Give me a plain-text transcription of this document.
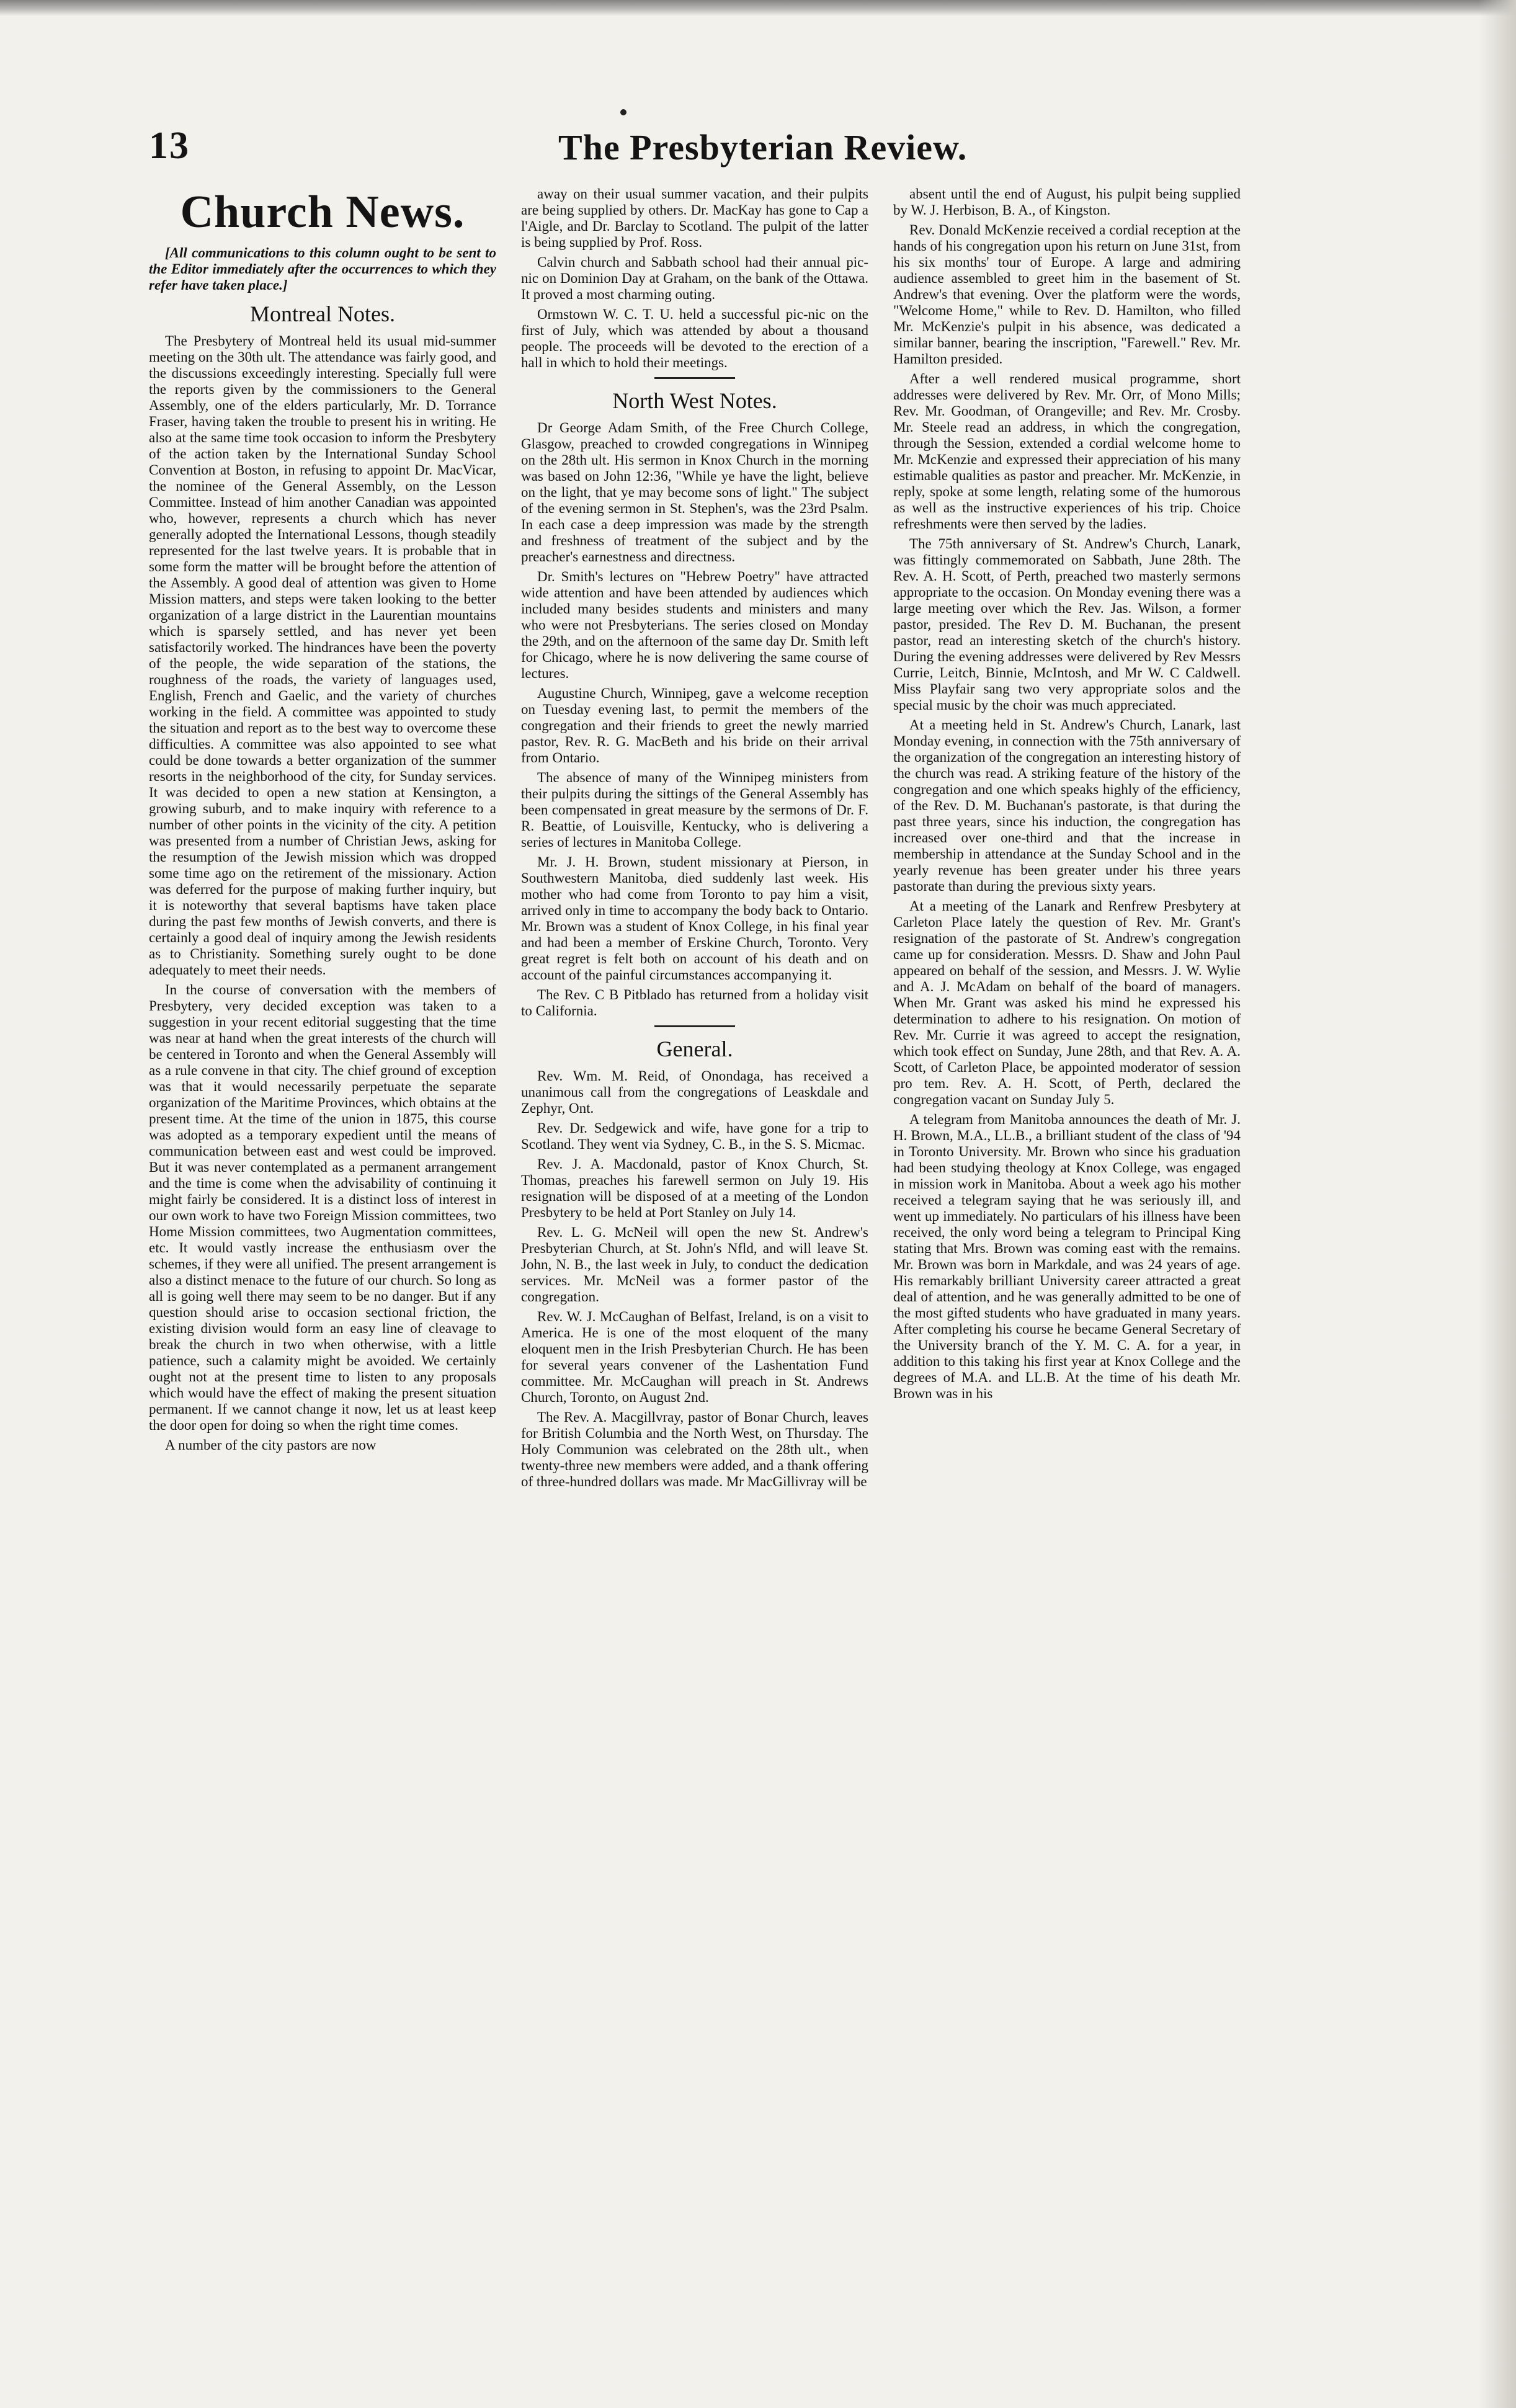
13	The Presbyterian Review.
Church News.
[All communications to this column ought to be sent to the Editor immediately after the occurrences to which they refer have taken place.]
Montreal Notes.

The Presbytery of Montreal held its usual mid-summer meeting on the 30th ult. The attendance was fairly good, and the discussions exceedingly interesting. Specially full were the reports given by the commissioners to the General Assembly, one of the elders particularly, Mr. D. Torrance Fraser, having taken the trouble to present his in writing. He also at the same time took occasion to inform the Presbytery of the action taken by the International Sunday School Convention at Boston, in refusing to appoint Dr. MacVicar, the nominee of the General Assembly, on the Lesson Committee. Instead of him another Canadian was appointed who, however, represents a church which has never generally adopted the International Lessons, though steadily represented for the last twelve years. It is probable that in some form the matter will be brought before the attention of the Assembly. A good deal of attention was given to Home Mission matters, and steps were taken looking to the better organization of a large district in the Laurentian mountains which is sparsely settled, and has never yet been satisfactorily worked. The hindrances have been the poverty of the people, the wide separation of the stations, the roughness of the roads, the variety of languages used, English, French and Gaelic, and the variety of churches working in the field. A committee was appointed to study the situation and report as to the best way to overcome these difficulties. A committee was also appointed to see what could be done towards a better organization of the summer resorts in the neighborhood of the city, for Sunday services. It was decided to open a new station at Kensington, a growing suburb, and to make inquiry with reference to a number of other points in the vicinity of the city. A petition was presented from a number of Christian Jews, asking for the resumption of the Jewish mission which was dropped some time ago on the retirement of the missionary. Action was deferred for the purpose of making further inquiry, but it is noteworthy that several baptisms have taken place during the past few months of Jewish converts, and there is certainly a good deal of inquiry among the Jewish residents as to Christianity. Something surely ought to be done adequately to meet their needs.

In the course of conversation with the members of Presbytery, very decided exception was taken to a suggestion in your recent editorial suggesting that the time was near at hand when the great interests of the church will be centered in Toronto and when the General Assembly will as a rule convene in that city. The chief ground of exception was that it would necessarily perpetuate the separate organization of the Maritime Provinces, which obtains at the present time. At the time of the union in 1875, this course was adopted as a temporary expedient until the means of communication between east and west could be improved. But it was never contemplated as a permanent arrangement and the time is come when the advisability of continuing it might fairly be considered. It is a distinct loss of interest in our own work to have two Foreign Mission committees, two Home Mission committees, two Augmentation committees, etc. It would vastly increase the enthusiasm over the schemes, if they were all unified. The present arrangement is also a distinct menace to the future of our church. So long as all is going well there may seem to be no danger. But if any question should arise to occasion sectional friction, the existing division would form an easy line of cleavage to break the church in two when otherwise, with a little patience, such a calamity might be avoided. We certainly ought not at the present time to listen to any proposals which would have the effect of making the present situation permanent. If we cannot change it now, let us at least keep the door open for doing so when the right time comes.

A number of the city pastors are now

away on their usual summer vacation, and their pulpits are being supplied by others. Dr. MacKay has gone to Cap a l'Aigle, and Dr. Barclay to Scotland. The pulpit of the latter is being supplied by Prof. Ross.

Calvin church and Sabbath school had their annual pic-nic on Dominion Day at Graham, on the bank of the Ottawa. It proved a most charming outing.

Ormstown W. C. T. U. held a successful pic-nic on the first of July, which was attended by about a thousand people. The proceeds will be devoted to the erection of a hall in which to hold their meetings.

North West Notes.

Dr George Adam Smith, of the Free Church College, Glasgow, preached to crowded congregations in Winnipeg on the 28th ult. His sermon in Knox Church in the morning was based on John 12:36, "While ye have the light, believe on the light, that ye may become sons of light." The subject of the evening sermon in St. Stephen's, was the 23rd Psalm. In each case a deep impression was made by the strength and freshness of treatment of the subject and by the preacher's earnestness and directness.

Dr. Smith's lectures on "Hebrew Poetry" have attracted wide attention and have been attended by audiences which included many besides students and ministers and many who were not Presbyterians. The series closed on Monday the 29th, and on the afternoon of the same day Dr. Smith left for Chicago, where he is now delivering the same course of lectures.

Augustine Church, Winnipeg, gave a welcome reception on Tuesday evening last, to permit the members of the congregation and their friends to greet the newly married pastor, Rev. R. G. MacBeth and his bride on their arrival from Ontario.

The absence of many of the Winnipeg ministers from their pulpits during the sittings of the General Assembly has been compensated in great measure by the sermons of Dr. F. R. Beattie, of Louisville, Kentucky, who is delivering a series of lectures in Manitoba College.

Mr. J. H. Brown, student missionary at Pierson, in Southwestern Manitoba, died suddenly last week. His mother who had come from Toronto to pay him a visit, arrived only in time to accompany the body back to Ontario. Mr. Brown was a student of Knox College, in his final year and had been a member of Erskine Church, Toronto. Very great regret is felt both on account of his death and on account of the painful circumstances accompanying it.

The Rev. C B Pitblado has returned from a holiday visit to California.

General.

Rev. Wm. M. Reid, of Onondaga, has received a unanimous call from the congregations of Leaskdale and Zephyr, Ont.

Rev. Dr. Sedgewick and wife, have gone for a trip to Scotland. They went via Sydney, C. B., in the S. S. Micmac.

Rev. J. A. Macdonald, pastor of Knox Church, St. Thomas, preaches his farewell sermon on July 19. His resignation will be disposed of at a meeting of the London Presbytery to be held at Port Stanley on July 14.

Rev. L. G. McNeil will open the new St. Andrew's Presbyterian Church, at St. John's Nfld, and will leave St. John, N. B., the last week in July, to conduct the dedication services. Mr. McNeil was a former pastor of the congregation.

Rev. W. J. McCaughan of Belfast, Ireland, is on a visit to America. He is one of the most eloquent of the many eloquent men in the Irish Presbyterian Church. He has been for several years convener of the Lashentation Fund committee. Mr. McCaughan will preach in St. Andrews Church, Toronto, on August 2nd.

The Rev. A. Macgillvray, pastor of Bonar Church, leaves for British Columbia and the North West, on Thursday. The Holy Communion was celebrated on the 28th ult., when twenty-three new members were added, and a thank offering of three-hundred dollars was made. Mr MacGillivray will be

absent until the end of August, his pulpit being supplied by W. J. Herbison, B. A., of Kingston.

Rev. Donald McKenzie received a cordial reception at the hands of his congregation upon his return on June 31st, from his six months' tour of Europe. A large and admiring audience assembled to greet him in the basement of St. Andrew's that evening. Over the platform were the words, "Welcome Home," while to Rev. D. Hamilton, who filled Mr. McKenzie's pulpit in his absence, was dedicated a similar banner, bearing the inscription, "Farewell." Rev. Mr. Hamilton presided.

After a well rendered musical programme, short addresses were delivered by Rev. Mr. Orr, of Mono Mills; Rev. Mr. Goodman, of Orangeville; and Rev. Mr. Crosby. Mr. Steele read an address, in which the congregation, through the Session, extended a cordial welcome home to Mr. McKenzie and expressed their appreciation of his many estimable qualities as pastor and preacher. Mr. McKenzie, in reply, spoke at some length, relating some of the humorous as well as the instructive experiences of his trip. Choice refreshments were then served by the ladies.

The 75th anniversary of St. Andrew's Church, Lanark, was fittingly commemorated on Sabbath, June 28th. The Rev. A. H. Scott, of Perth, preached two masterly sermons appropriate to the occasion. On Monday evening there was a large meeting over which the Rev. Jas. Wilson, a former pastor, presided. The Rev D. M. Buchanan, the present pastor, read an interesting sketch of the church's history. During the evening addresses were delivered by Rev Messrs Currie, Leitch, Binnie, McIntosh, and Mr W. C Caldwell. Miss Playfair sang two very appropriate solos and the special music by the choir was much appreciated.

At a meeting held in St. Andrew's Church, Lanark, last Monday evening, in connection with the 75th anniversary of the organization of the congregation an interesting history of the church was read. A striking feature of the history of the congregation and one which speaks highly of the efficiency, of the Rev. D. M. Buchanan's pastorate, is that during the past three years, since his induction, the congregation has increased over one-third and that the increase in membership in attendance at the Sunday School and in the yearly revenue has been greater under his three years pastorate than during the previous sixty years.

At a meeting of the Lanark and Renfrew Presbytery at Carleton Place lately the question of Rev. Mr. Grant's resignation of the pastorate of St. Andrew's congregation came up for consideration. Messrs. D. Shaw and John Paul appeared on behalf of the session, and Messrs. J. W. Wylie and A. J. McAdam on behalf of the board of managers. When Mr. Grant was asked his mind he expressed his determination to adhere to his resignation. On motion of Rev. Mr. Currie it was agreed to accept the resignation, which took effect on Sunday, June 28th, and that Rev. A. A. Scott, of Carleton Place, be appointed moderator of session pro tem. Rev. A. H. Scott, of Perth, declared the congregation vacant on Sunday July 5.

A telegram from Manitoba announces the death of Mr. J. H. Brown, M.A., LL.B., a brilliant student of the class of '94 in Toronto University. Mr. Brown who since his graduation had been studying theology at Knox College, was engaged in mission work in Manitoba. About a week ago his mother received a telegram saying that he was seriously ill, and went up immediately. No particulars of his illness have been received, the only word being a telegram to Principal King stating that Mrs. Brown was coming east with the remains. Mr. Brown was born in Markdale, and was 24 years of age. His remarkably brilliant University career attracted a great deal of attention, and he was generally admitted to be one of the most gifted students who have graduated in many years. After completing his course he became General Secretary of the University branch of the Y. M. C. A. for a year, in addition to this taking his first year at Knox College and the degrees of M.A. and LL.B. At the time of his death Mr. Brown was in his
